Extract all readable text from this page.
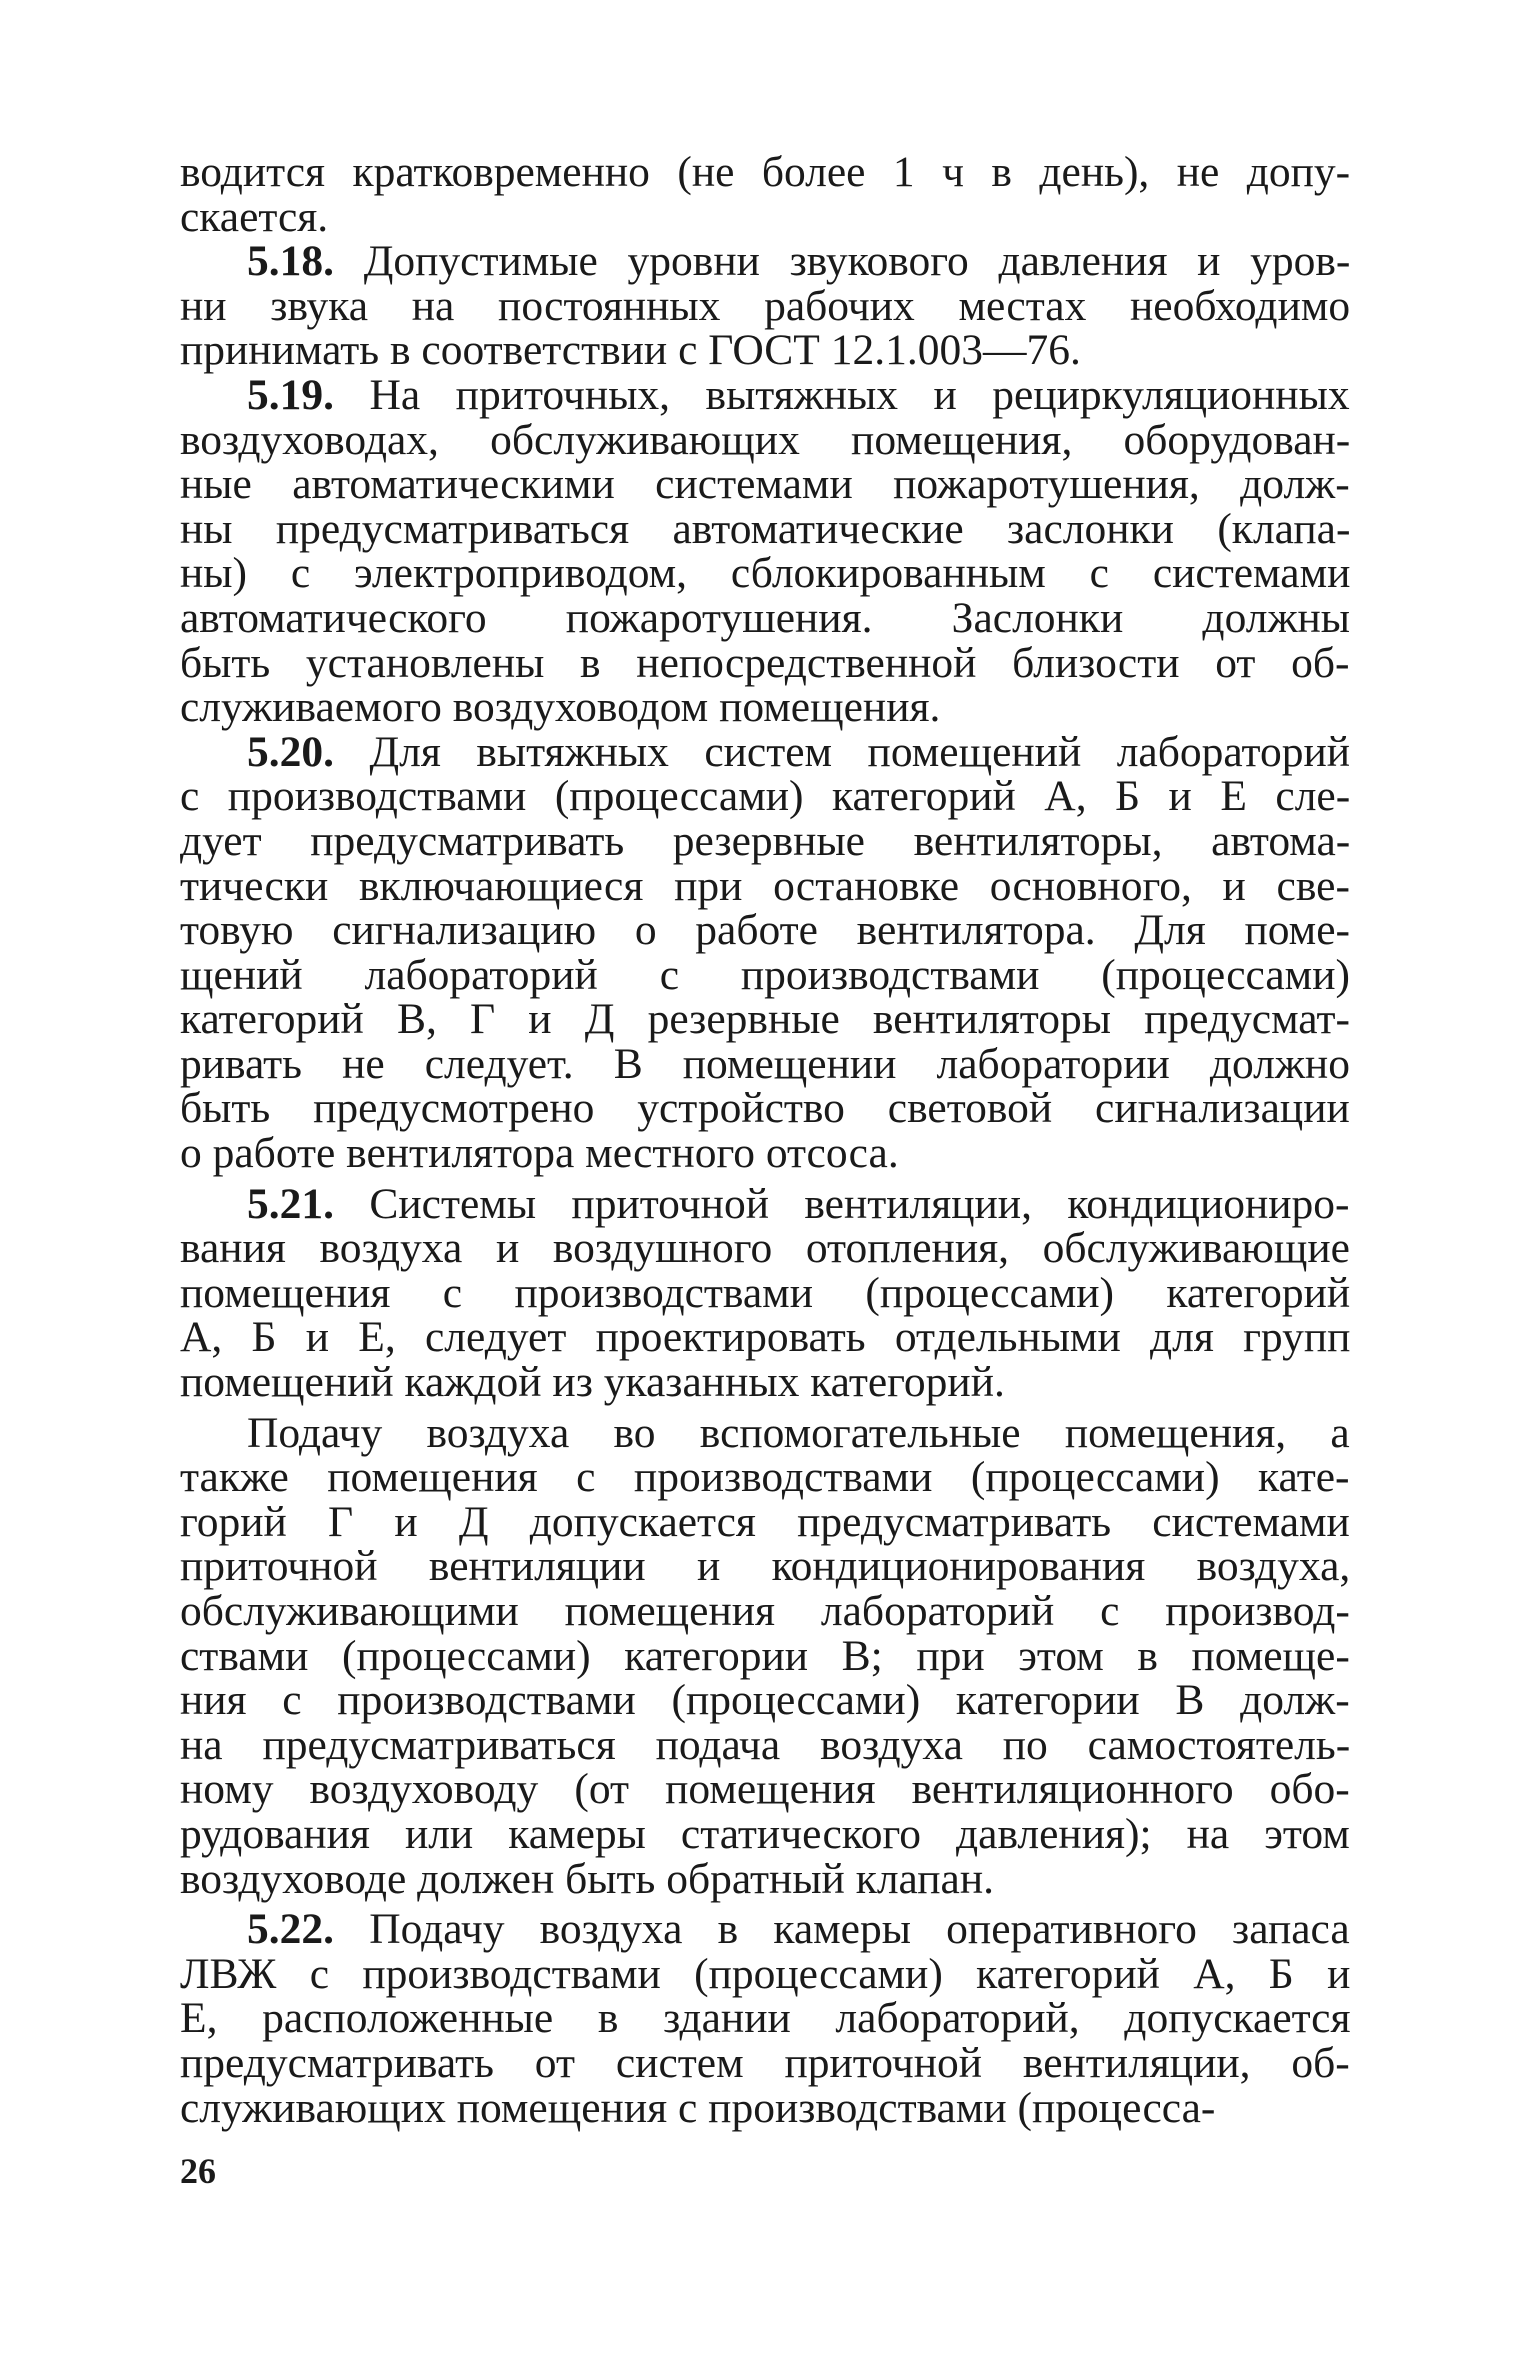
водится кратковременно (не более 1 ч в день), не допу-
скается.

5.18. Допустимые уровни звукового давления и уров-
ни звука на постоянных рабочих местах необходимо
принимать в соответствии с ГОСТ 12.1.003—76.

5.19. На приточных, вытяжных и рециркуляционных
воздуховодах, обслуживающих помещения, оборудован-
ные автоматическими системами пожаротушения, долж-
ны предусматриваться автоматические заслонки (клапа-
ны) с электроприводом, сблокированным с системами
автоматического пожаротушения. Заслонки должны
быть установлены в непосредственной близости от об-
служиваемого воздуховодом помещения.

5.20. Для вытяжных систем помещений лабораторий
с производствами (процессами) категорий А, Б и Е сле-
дует предусматривать резервные вентиляторы, автома-
тически включающиеся при остановке основного, и све-
товую сигнализацию о работе вентилятора. Для поме-
щений лабораторий с производствами (процессами)
категорий В, Г и Д резервные вентиляторы предусмат-
ривать не следует. В помещении лаборатории должно
быть предусмотрено устройство световой сигнализации
о работе вентилятора местного отсоса.

5.21. Системы приточной вентиляции, кондициониро-
вания воздуха и воздушного отопления, обслуживающие
помещения с производствами (процессами) категорий
А, Б и Е, следует проектировать отдельными для групп
помещений каждой из указанных категорий.

Подачу воздуха во вспомогательные помещения, а
также помещения с производствами (процессами) кате-
горий Г и Д допускается предусматривать системами
приточной вентиляции и кондиционирования воздуха,
обслуживающими помещения лабораторий с производ-
ствами (процессами) категории В; при этом в помеще-
ния с производствами (процессами) категории В долж-
на предусматриваться подача воздуха по самостоятель-
ному воздуховоду (от помещения вентиляционного обо-
рудования или камеры статического давления); на этом
воздуховоде должен быть обратный клапан.

5.22. Подачу воздуха в камеры оперативного запаса
ЛВЖ с производствами (процессами) категорий А, Б и
Е, расположенные в здании лабораторий, допускается
предусматривать от систем приточной вентиляции, об-
служивающих помещения с производствами (процесса-

26
